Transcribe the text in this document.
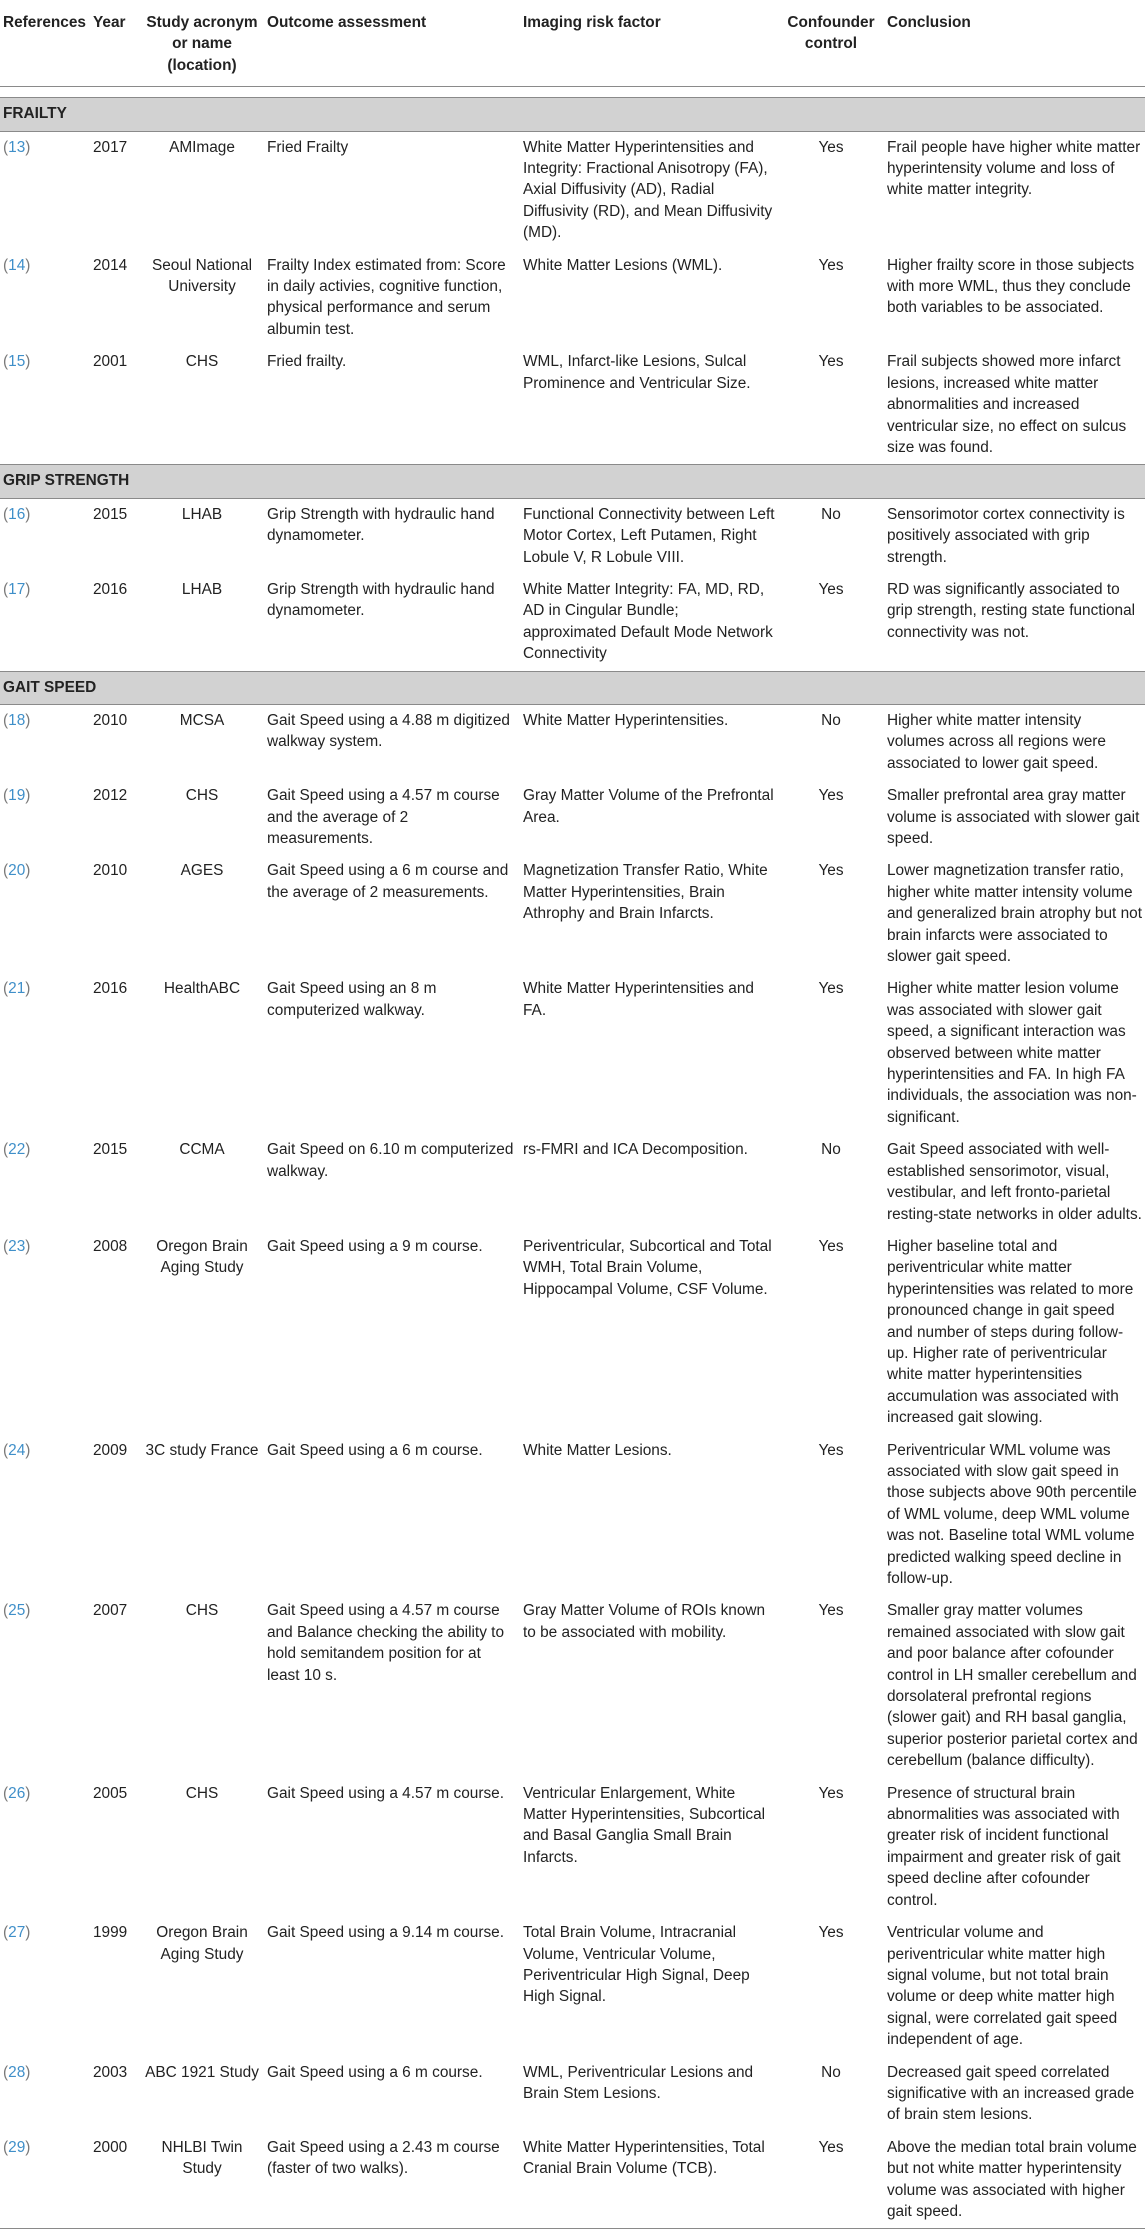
References	Year	Study acronym or name (location)	Outcome assessment	Imaging risk factor	Confounder control	Conclusion

FRAILTY						
(13)	2017	AMImage	Fried Frailty	White Matter Hyperintensities and Integrity: Fractional Anisotropy (FA), Axial Diffusivity (AD), Radial Diffusivity (RD), and Mean Diffusivity (MD).	Yes	Frail people have higher white matter hyperintensity volume and loss of white matter integrity.
(14)	2014	Seoul National University	Frailty Index estimated from: Score in daily activies, cognitive function, physical performance and serum albumin test.	White Matter Lesions (WML).	Yes	Higher frailty score in those subjects with more WML, thus they conclude both variables to be associated.
(15)	2001	CHS	Fried frailty.	WML, Infarct-like Lesions, Sulcal Prominence and Ventricular Size.	Yes	Frail subjects showed more infarct lesions, increased white matter abnormalities and increased ventricular size, no effect on sulcus size was found.
GRIP STRENGTH						
(16)	2015	LHAB	Grip Strength with hydraulic hand dynamometer.	Functional Connectivity between Left Motor Cortex, Left Putamen, Right Lobule V, R Lobule VIII.	No	Sensorimotor cortex connectivity is positively associated with grip strength.
(17)	2016	LHAB	Grip Strength with hydraulic hand dynamometer.	White Matter Integrity: FA, MD, RD, AD in Cingular Bundle; approximated Default Mode Network Connectivity	Yes	RD was significantly associated to grip strength, resting state functional connectivity was not.
GAIT SPEED						
(18)	2010	MCSA	Gait Speed using a 4.88 m digitized walkway system.	White Matter Hyperintensities.	No	Higher white matter intensity volumes across all regions were associated to lower gait speed.
(19)	2012	CHS	Gait Speed using a 4.57 m course and the average of 2 measurements.	Gray Matter Volume of the Prefrontal Area.	Yes	Smaller prefrontal area gray matter volume is associated with slower gait speed.
(20)	2010	AGES	Gait Speed using a 6 m course and the average of 2 measurements.	Magnetization Transfer Ratio, White Matter Hyperintensities, Brain Athrophy and Brain Infarcts.	Yes	Lower magnetization transfer ratio, higher white matter intensity volume and generalized brain atrophy but not brain infarcts were associated to slower gait speed.
(21)	2016	HealthABC	Gait Speed using an 8 m computerized walkway.	White Matter Hyperintensities and FA.	Yes	Higher white matter lesion volume was associated with slower gait speed, a significant interaction was observed between white matter hyperintensities and FA. In high FA individuals, the association was non-significant.
(22)	2015	CCMA	Gait Speed on 6.10 m computerized walkway.	rs-FMRI and ICA Decomposition.	No	Gait Speed associated with well-established sensorimotor, visual, vestibular, and left fronto-parietal resting-state networks in older adults.
(23)	2008	Oregon Brain Aging Study	Gait Speed using a 9 m course.	Periventricular, Subcortical and Total WMH, Total Brain Volume, Hippocampal Volume, CSF Volume.	Yes	Higher baseline total and periventricular white matter hyperintensities was related to more pronounced change in gait speed and number of steps during follow-up. Higher rate of periventricular white matter hyperintensities accumulation was associated with increased gait slowing.
(24)	2009	3C study France	Gait Speed using a 6 m course.	White Matter Lesions.	Yes	Periventricular WML volume was associated with slow gait speed in those subjects above 90th percentile of WML volume, deep WML volume was not. Baseline total WML volume predicted walking speed decline in follow-up.
(25)	2007	CHS	Gait Speed using a 4.57 m course and Balance checking the ability to hold semitandem position for at least 10 s.	Gray Matter Volume of ROIs known to be associated with mobility.	Yes	Smaller gray matter volumes remained associated with slow gait and poor balance after cofounder control in LH smaller cerebellum and dorsolateral prefrontal regions (slower gait) and RH basal ganglia, superior posterior parietal cortex and cerebellum (balance difficulty).
(26)	2005	CHS	Gait Speed using a 4.57 m course.	Ventricular Enlargement, White Matter Hyperintensities, Subcortical and Basal Ganglia Small Brain Infarcts.	Yes	Presence of structural brain abnormalities was associated with greater risk of incident functional impairment and greater risk of gait speed decline after cofounder control.
(27)	1999	Oregon Brain Aging Study	Gait Speed using a 9.14 m course.	Total Brain Volume, Intracranial Volume, Ventricular Volume, Periventricular High Signal, Deep High Signal.	Yes	Ventricular volume and periventricular white matter high signal volume, but not total brain volume or deep white matter high signal, were correlated gait speed independent of age.
(28)	2003	ABC 1921 Study	Gait Speed using a 6 m course.	WML, Periventricular Lesions and Brain Stem Lesions.	No	Decreased gait speed correlated significative with an increased grade of brain stem lesions.
(29)	2000	NHLBI Twin Study	Gait Speed using a 2.43 m course (faster of two walks).	White Matter Hyperintensities, Total Cranial Brain Volume (TCB).	Yes	Above the median total brain volume but not white matter hyperintensity volume was associated with higher gait speed.
